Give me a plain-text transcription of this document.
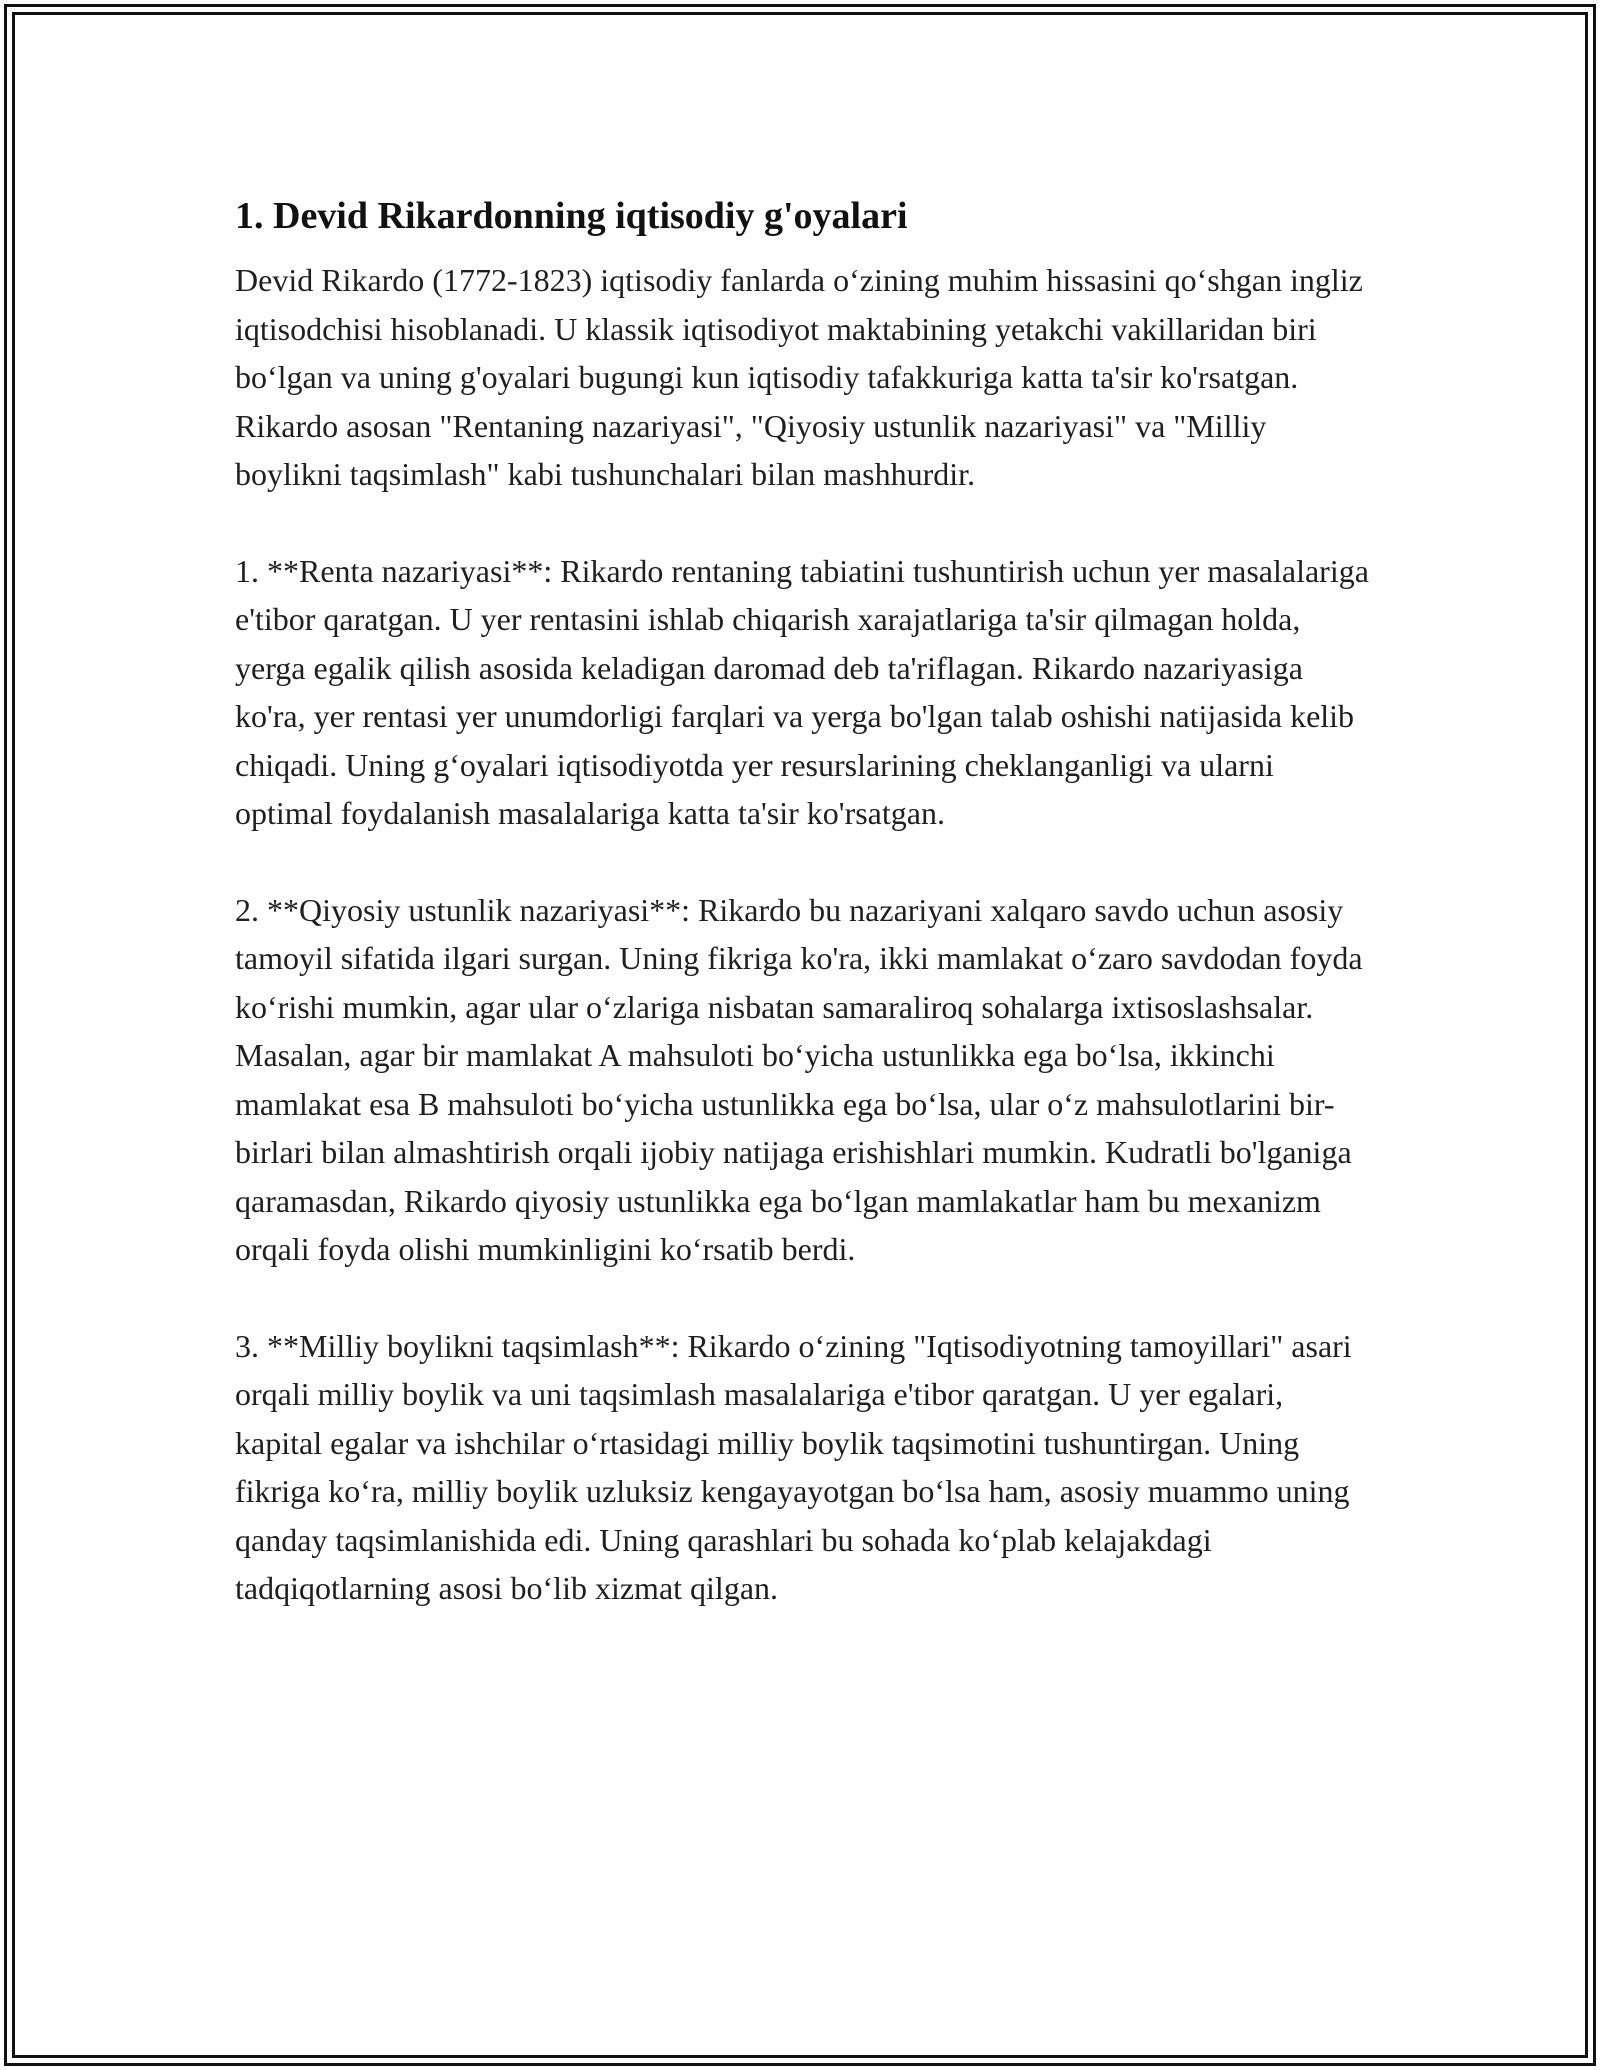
1. Devid Rikardonning iqtisodiy g'oyalari

Devid Rikardo (1772-1823) iqtisodiy fanlarda o‘zining muhim hissasini qo‘shgan ingliz iqtisodchisi hisoblanadi. U klassik iqtisodiyot maktabining yetakchi vakillaridan biri bo‘lgan va uning g'oyalari bugungi kun iqtisodiy tafakkuriga katta ta'sir ko'rsatgan. Rikardo asosan "Rentaning nazariyasi", "Qiyosiy ustunlik nazariyasi" va "Milliy boylikni taqsimlash" kabi tushunchalari bilan mashhurdir.

1. **Renta nazariyasi**: Rikardo rentaning tabiatini tushuntirish uchun yer masalalariga e'tibor qaratgan. U yer rentasini ishlab chiqarish xarajatlariga ta'sir qilmagan holda, yerga egalik qilish asosida keladigan daromad deb ta'riflagan. Rikardo nazariyasiga ko'ra, yer rentasi yer unumdorligi farqlari va yerga bo'lgan talab oshishi natijasida kelib chiqadi. Uning g‘oyalari iqtisodiyotda yer resurslarining cheklanganligi va ularni optimal foydalanish masalalariga katta ta'sir ko'rsatgan.

2. **Qiyosiy ustunlik nazariyasi**: Rikardo bu nazariyani xalqaro savdo uchun asosiy tamoyil sifatida ilgari surgan. Uning fikriga ko'ra, ikki mamlakat o‘zaro savdodan foyda ko‘rishi mumkin, agar ular o‘zlariga nisbatan samaraliroq sohalarga ixtisoslashsalar. Masalan, agar bir mamlakat A mahsuloti bo‘yicha ustunlikka ega bo‘lsa, ikkinchi mamlakat esa B mahsuloti bo‘yicha ustunlikka ega bo‘lsa, ular o‘z mahsulotlarini bir-birlari bilan almashtirish orqali ijobiy natijaga erishishlari mumkin. Kudratli bo'lganiga qaramasdan, Rikardo qiyosiy ustunlikka ega bo‘lgan mamlakatlar ham bu mexanizm orqali foyda olishi mumkinligini ko‘rsatib berdi.

3. **Milliy boylikni taqsimlash**: Rikardo o‘zining "Iqtisodiyotning tamoyillari" asari orqali milliy boylik va uni taqsimlash masalalariga e'tibor qaratgan. U yer egalari, kapital egalar va ishchilar o‘rtasidagi milliy boylik taqsimotini tushuntirgan. Uning fikriga ko‘ra, milliy boylik uzluksiz kengayayotgan bo‘lsa ham, asosiy muammo uning qanday taqsimlanishida edi. Uning qarashlari bu sohada ko‘plab kelajakdagi tadqiqotlarning asosi bo‘lib xizmat qilgan.
